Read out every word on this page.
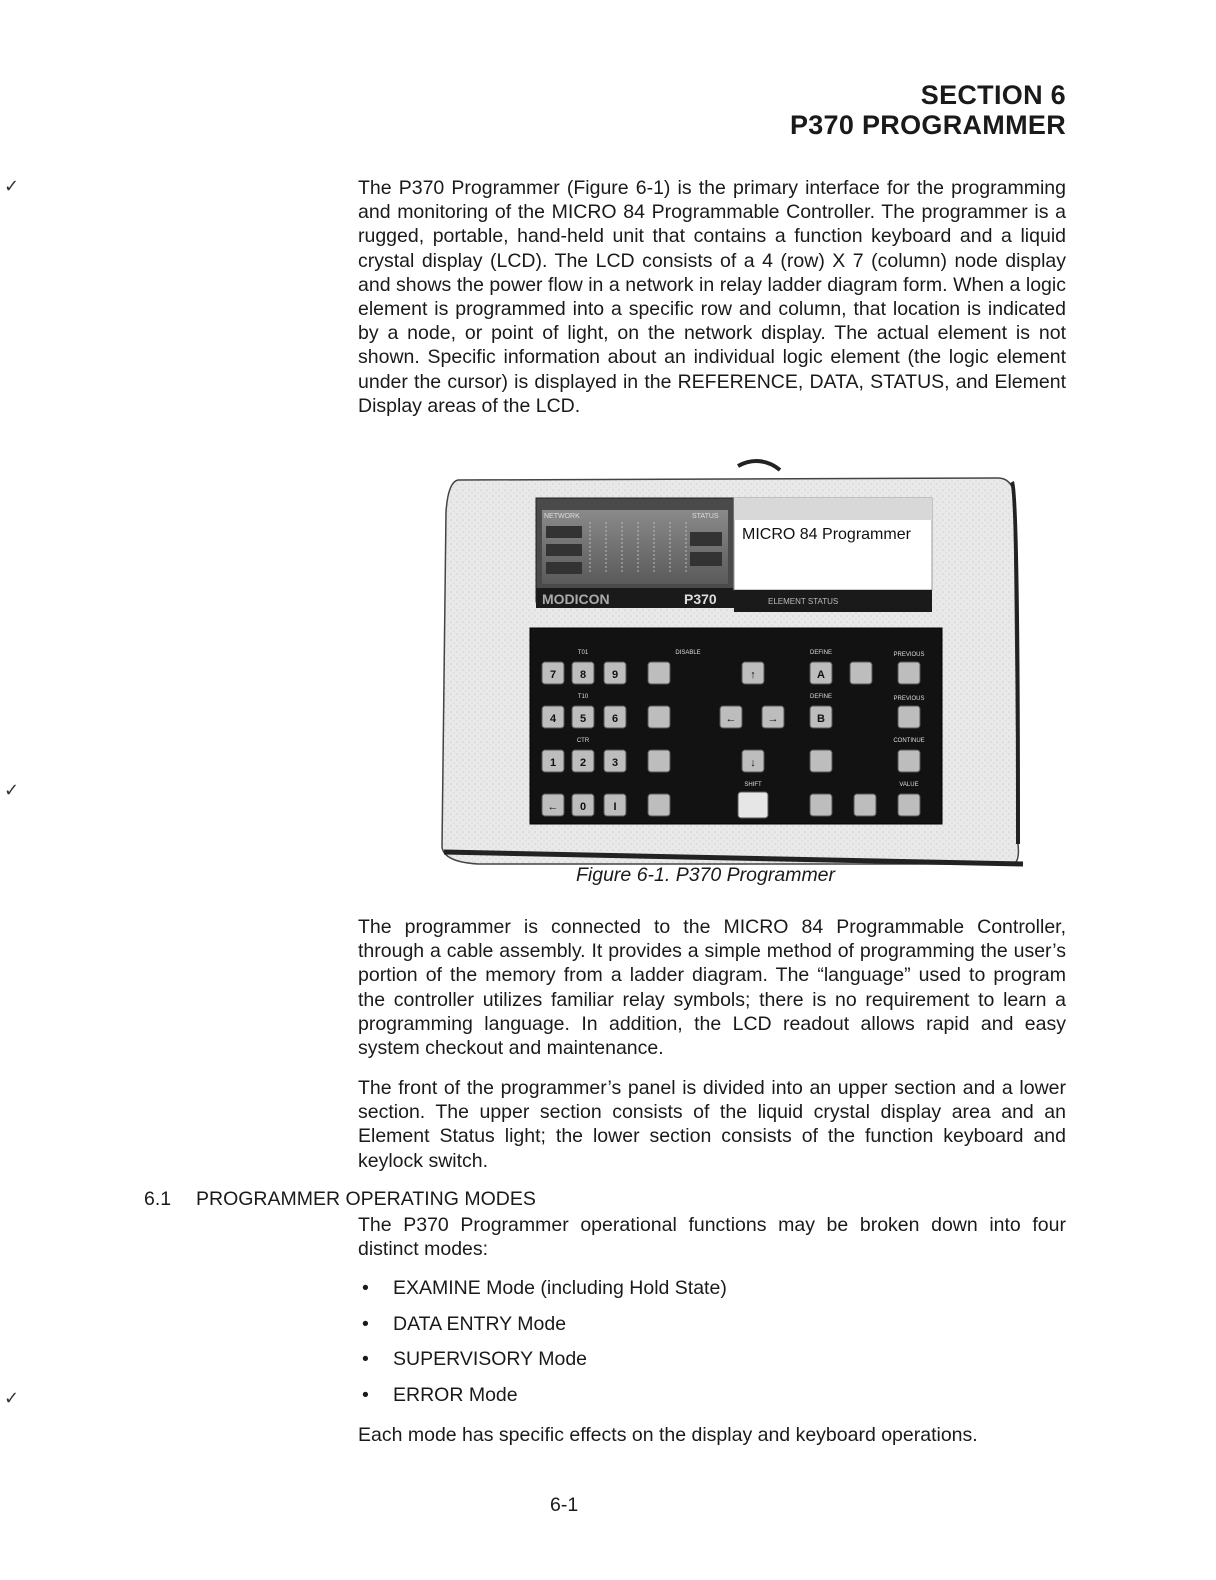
SECTION 6
P370 PROGRAMMER
✓
✓
✓

The P370 Programmer (Figure 6-1) is the primary interface for the programming and monitoring of the MICRO 84 Programmable Controller. The programmer is a rugged, portable, hand-held unit that contains a function keyboard and a liquid crystal display (LCD). The LCD consists of a 4 (row) X 7 (column) node display and shows the power flow in a network in relay ladder diagram form. When a logic element is programmed into a specific row and column, that location is indicated by a node, or point of light, on the network display. The actual element is not shown. Specific information about an individual logic element (the logic element under the cursor) is displayed in the REFERENCE, DATA, STATUS, and Element Display areas of the LCD.

NETWORK	STATUS
MODICON	P370	ELEMENT STATUS
7 8 9
4 5 6
1 2 3
0 I
↑	A
←	→	B
↓
←
T01	DISABLE	DEFINE	PREVIOUS
T10	DEFINE	PREVIOUS
CTR	CONTINUE
SHIFT	VALUE
MICRO 84 Programmer
Figure 6-1. P370 Programmer

The programmer is connected to the MICRO 84 Programmable Controller, through a cable assembly. It provides a simple method of programming the user’s portion of the memory from a ladder diagram. The “language” used to program the controller utilizes familiar relay symbols; there is no requirement to learn a programming language. In addition, the LCD readout allows rapid and easy system checkout and maintenance.

The front of the programmer’s panel is divided into an upper section and a lower section. The upper section consists of the liquid crystal display area and an Element Status light; the lower section consists of the function keyboard and keylock switch.

6.1 PROGRAMMER OPERATING MODES

The P370 Programmer operational functions may be broken down into four distinct modes:

• EXAMINE Mode (including Hold State)
• DATA ENTRY Mode
• SUPERVISORY Mode
• ERROR Mode

Each mode has specific effects on the display and keyboard operations.

6-1
